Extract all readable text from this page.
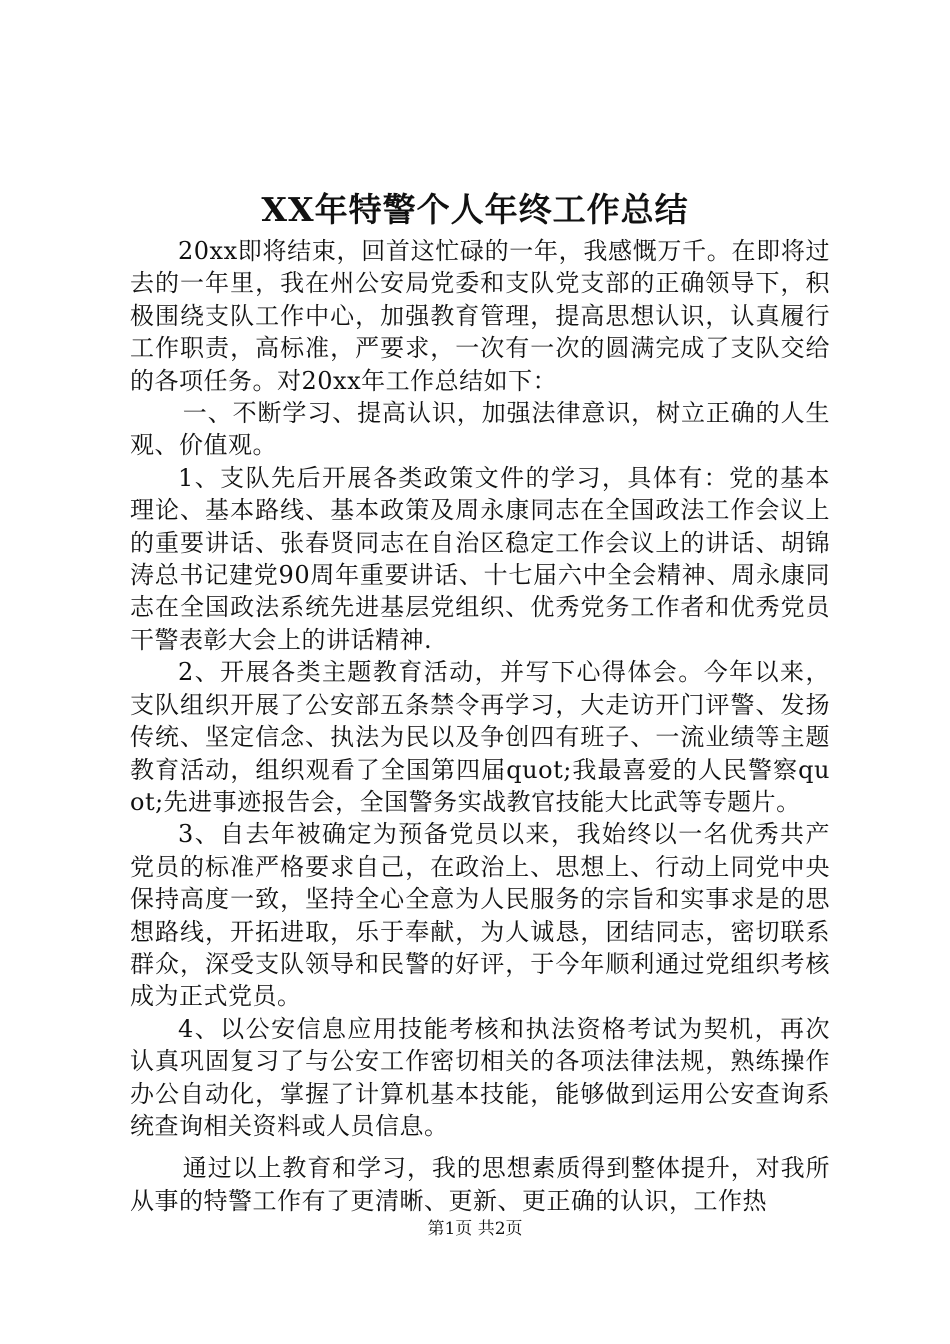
XX年特警个人年终工作总结

20xx即将结束，回首这忙碌的一年，我感慨万千。在即将过去的一年里，我在州公安局党委和支队党支部的正确领导下，积极围绕支队工作中心，加强教育管理，提高思想认识，认真履行工作职责，高标准，严要求，一次有一次的圆满完成了支队交给的各项任务。对20xx年工作总结如下：

一、不断学习、提高认识，加强法律意识，树立正确的人生观、价值观。

1、支队先后开展各类政策文件的学习，具体有：党的基本理论、基本路线、基本政策及周永康同志在全国政法工作会议上的重要讲话、张春贤同志在自治区稳定工作会议上的讲话、胡锦涛总书记建党90周年重要讲话、十七届六中全会精神、周永康同志在全国政法系统先进基层党组织、优秀党务工作者和优秀党员干警表彰大会上的讲话精神.

2、开展各类主题教育活动，并写下心得体会。今年以来，支队组织开展了公安部五条禁令再学习，大走访开门评警、发扬传统、坚定信念、执法为民以及争创四有班子、一流业绩等主题教育活动，组织观看了全国第四届quot;我最喜爱的人民警察quot;先进事迹报告会，全国警务实战教官技能大比武等专题片。

3、自去年被确定为预备党员以来，我始终以一名优秀共产党员的标准严格要求自己，在政治上、思想上、行动上同党中央保持高度一致，坚持全心全意为人民服务的宗旨和实事求是的思想路线，开拓进取，乐于奉献，为人诚恳，团结同志，密切联系群众，深受支队领导和民警的好评，于今年顺利通过党组织考核成为正式党员。

4、以公安信息应用技能考核和执法资格考试为契机，再次认真巩固复习了与公安工作密切相关的各项法律法规，熟练操作办公自动化，掌握了计算机基本技能，能够做到运用公安查询系统查询相关资料或人员信息。

通过以上教育和学习，我的思想素质得到整体提升，对我所从事的特警工作有了更清晰、更新、更正确的认识，工作热

第1页 共2页
